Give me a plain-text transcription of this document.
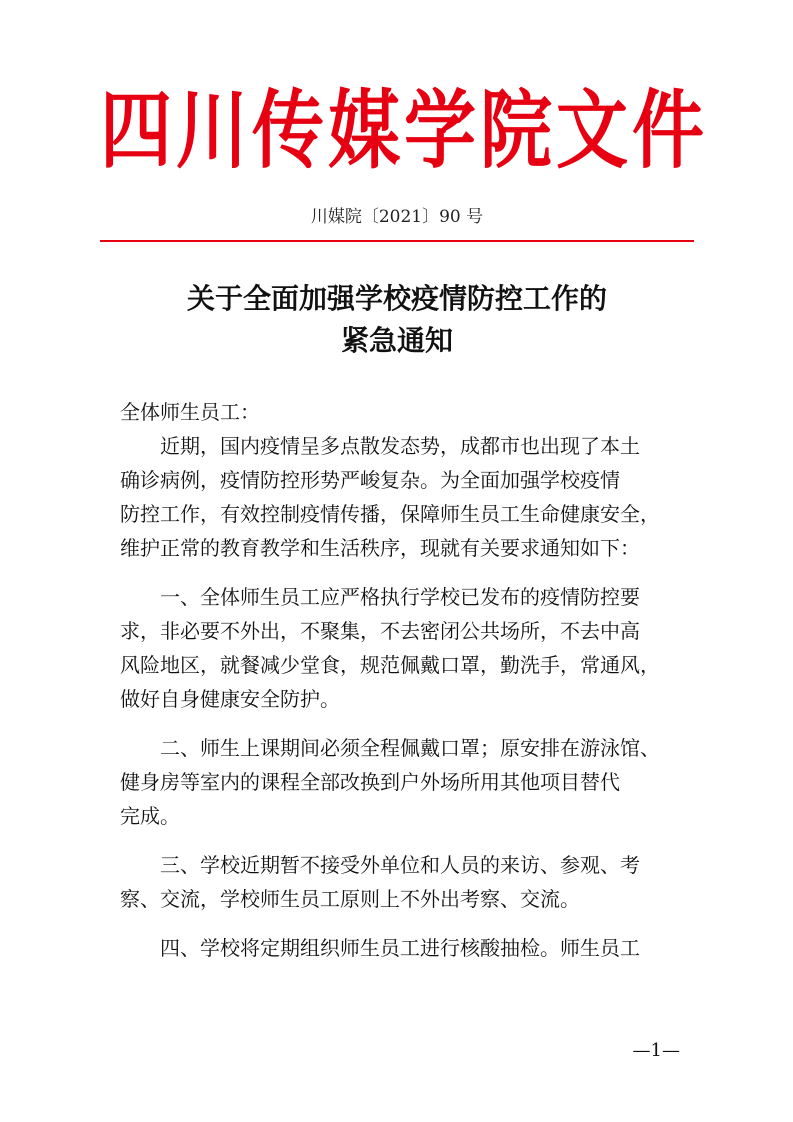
四川传媒学院文件
川媒院〔2021〕90 号
关于全面加强学校疫情防控工作的
紧急通知
全体师生员工：
近期，国内疫情呈多点散发态势，成都市也出现了本土
确诊病例，疫情防控形势严峻复杂。为全面加强学校疫情
防控工作，有效控制疫情传播，保障师生员工生命健康安全，
维护正常的教育教学和生活秩序，现就有关要求通知如下：
一、全体师生员工应严格执行学校已发布的疫情防控要
求，非必要不外出，不聚集，不去密闭公共场所，不去中高
风险地区，就餐减少堂食，规范佩戴口罩，勤洗手，常通风，
做好自身健康安全防护。
二、师生上课期间必须全程佩戴口罩；原安排在游泳馆、
健身房等室内的课程全部改换到户外场所用其他项目替代
完成。
三、学校近期暂不接受外单位和人员的来访、参观、考
察、交流，学校师生员工原则上不外出考察、交流。
四、学校将定期组织师生员工进行核酸抽检。师生员工
—1—
